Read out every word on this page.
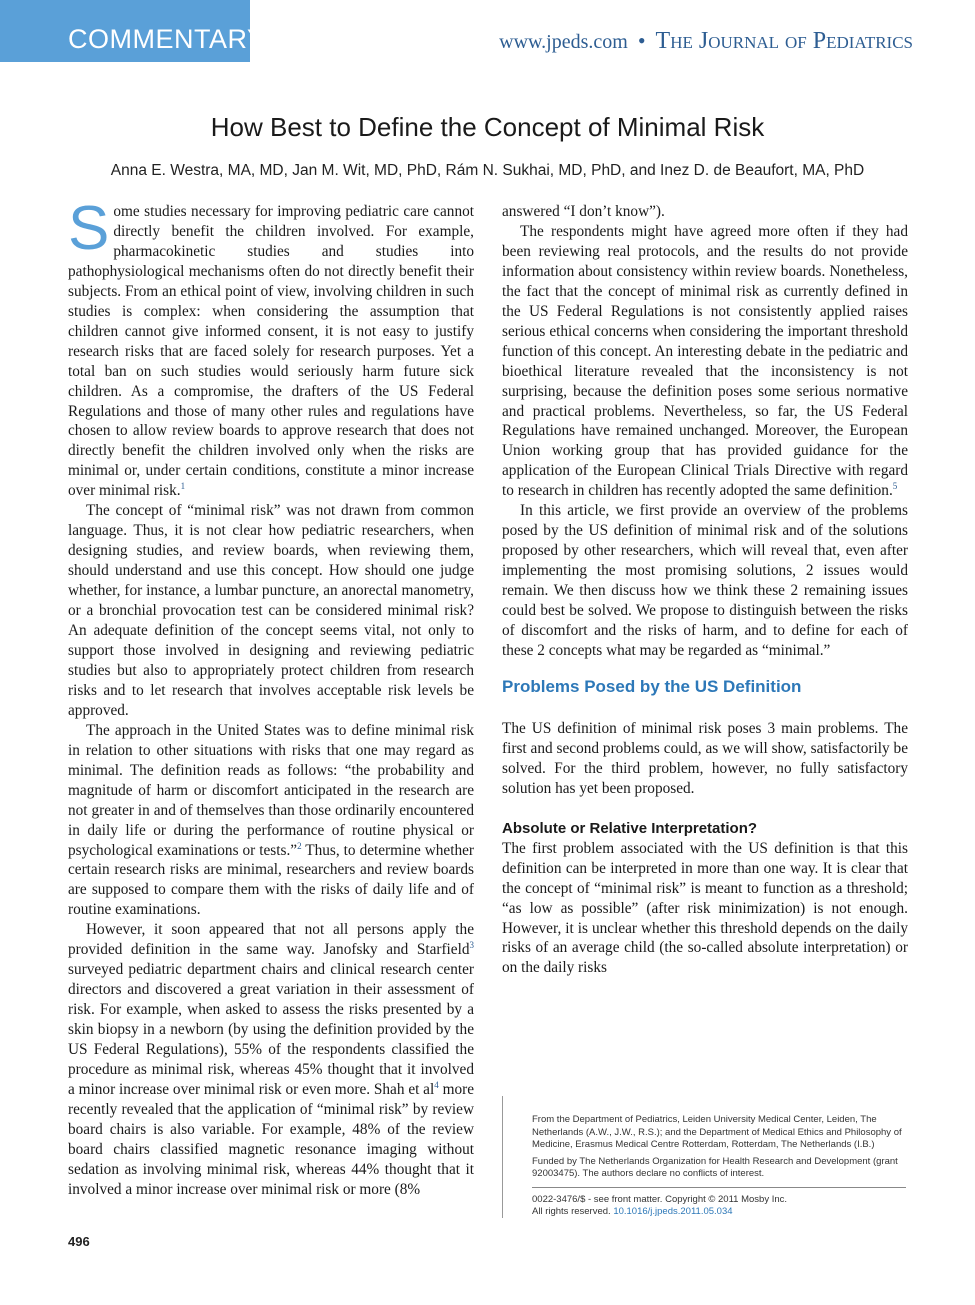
COMMENTARY	www.jpeds.com • The Journal of Pediatrics
How Best to Define the Concept of Minimal Risk
Anna E. Westra, MA, MD, Jan M. Wit, MD, PhD, Rám N. Sukhai, MD, PhD, and Inez D. de Beaufort, MA, PhD

Some studies necessary for improving pediatric care cannot directly benefit the children involved. For example, pharmacokinetic studies and studies into pathophysiological mechanisms often do not directly benefit their subjects. From an ethical point of view, involving children in such studies is complex: when considering the assumption that children cannot give informed consent, it is not easy to justify research risks that are faced solely for research purposes. Yet a total ban on such studies would seriously harm future sick children. As a compromise, the drafters of the US Federal Regulations and those of many other rules and regulations have chosen to allow review boards to approve research that does not directly benefit the children involved only when the risks are minimal or, under certain conditions, constitute a minor increase over minimal risk.$^1$

The concept of “minimal risk” was not drawn from common language. Thus, it is not clear how pediatric researchers, when designing studies, and review boards, when reviewing them, should understand and use this concept. How should one judge whether, for instance, a lumbar puncture, an anorectal manometry, or a bronchial provocation test can be considered minimal risk? An adequate definition of the concept seems vital, not only to support those involved in designing and reviewing pediatric studies but also to appropriately protect children from research risks and to let research that involves acceptable risk levels be approved.

The approach in the United States was to define minimal risk in relation to other situations with risks that one may regard as minimal. The definition reads as follows: “the probability and magnitude of harm or discomfort anticipated in the research are not greater in and of themselves than those ordinarily encountered in daily life or during the performance of routine physical or psychological examinations or tests.”$^2$ Thus, to determine whether certain research risks are minimal, researchers and review boards are supposed to compare them with the risks of daily life and of routine examinations.

However, it soon appeared that not all persons apply the provided definition in the same way. Janofsky and Starfield$^3$ surveyed pediatric department chairs and clinical research center directors and discovered a great variation in their assessment of risk. For example, when asked to assess the risks presented by a skin biopsy in a newborn (by using the definition provided by the US Federal Regulations), 55% of the respondents classified the procedure as minimal risk, whereas 45% thought that it involved a minor increase over minimal risk or even more. Shah et $al^4$ more recently revealed that the application of “minimal risk” by review board chairs is also variable. For example, 48% of the review board chairs classified magnetic resonance imaging without sedation as involving minimal risk, whereas 44% thought that it involved a minor increase over minimal risk or more (8%

answered “I don’t know”).

The respondents might have agreed more often if they had been reviewing real protocols, and the results do not provide information about consistency within review boards. Nonetheless, the fact that the concept of minimal risk as currently defined in the US Federal Regulations is not consistently applied raises serious ethical concerns when considering the important threshold function of this concept. An interesting debate in the pediatric and bioethical literature revealed that the inconsistency is not surprising, because the definition poses some serious normative and practical problems. Nevertheless, so far, the US Federal Regulations have remained unchanged. Moreover, the European Union working group that has provided guidance for the application of the European Clinical Trials Directive with regard to research in children has recently adopted the same definition.$^5$

In this article, we first provide an overview of the problems posed by the US definition of minimal risk and of the solutions proposed by other researchers, which will reveal that, even after implementing the most promising solutions, 2 issues would remain. We then discuss how we think these 2 remaining issues could best be solved. We propose to distinguish between the risks of discomfort and the risks of harm, and to define for each of these 2 concepts what may be regarded as “minimal.”

Problems Posed by the US Definition

The US definition of minimal risk poses 3 main problems. The first and second problems could, as we will show, satisfactorily be solved. For the third problem, however, no fully satisfactory solution has yet been proposed.

Absolute or Relative Interpretation?

The first problem associated with the US definition is that this definition can be interpreted in more than one way. It is clear that the concept of “minimal risk” is meant to function as a threshold; “as low as possible” (after risk minimization) is not enough. However, it is unclear whether this threshold depends on the daily risks of an average child (the so-called absolute interpretation) or on the daily risks

From the Department of Pediatrics, Leiden University Medical Center, Leiden, The Netherlands (A.W., J.W., R.S.); and the Department of Medical Ethics and Philosophy of Medicine, Erasmus Medical Centre Rotterdam, Rotterdam, The Netherlands (I.B.)

Funded by The Netherlands Organization for Health Research and Development (grant 92003475). The authors declare no conflicts of interest.

0022-3476/$ - see front matter. Copyright © 2011 Mosby Inc.

All rights reserved. 10.1016/j.jpeds.2011.05.034

496
